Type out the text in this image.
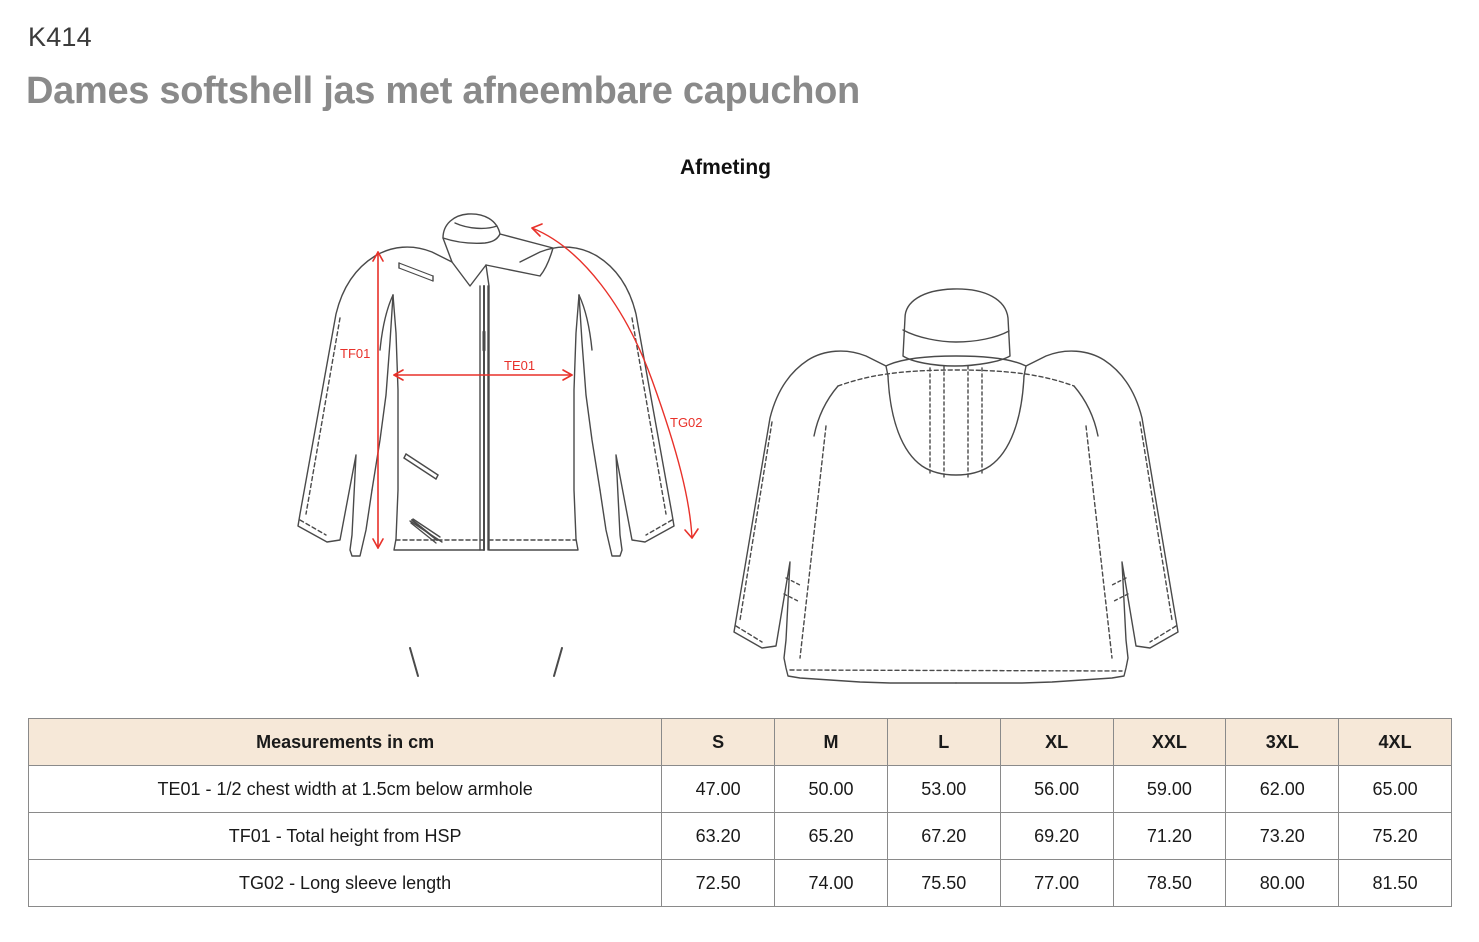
K414
Dames softshell jas met afneembare capuchon
Afmeting
TF01
TE01
TG02
Measurements in cm	S	M	L	XL	XXL	3XL	4XL
TE01 - 1/2 chest width at 1.5cm below armhole	47.00	50.00	53.00	56.00	59.00	62.00	65.00
TF01 - Total height from HSP	63.20	65.20	67.20	69.20	71.20	73.20	75.20
TG02 - Long sleeve length	72.50	74.00	75.50	77.00	78.50	80.00	81.50
